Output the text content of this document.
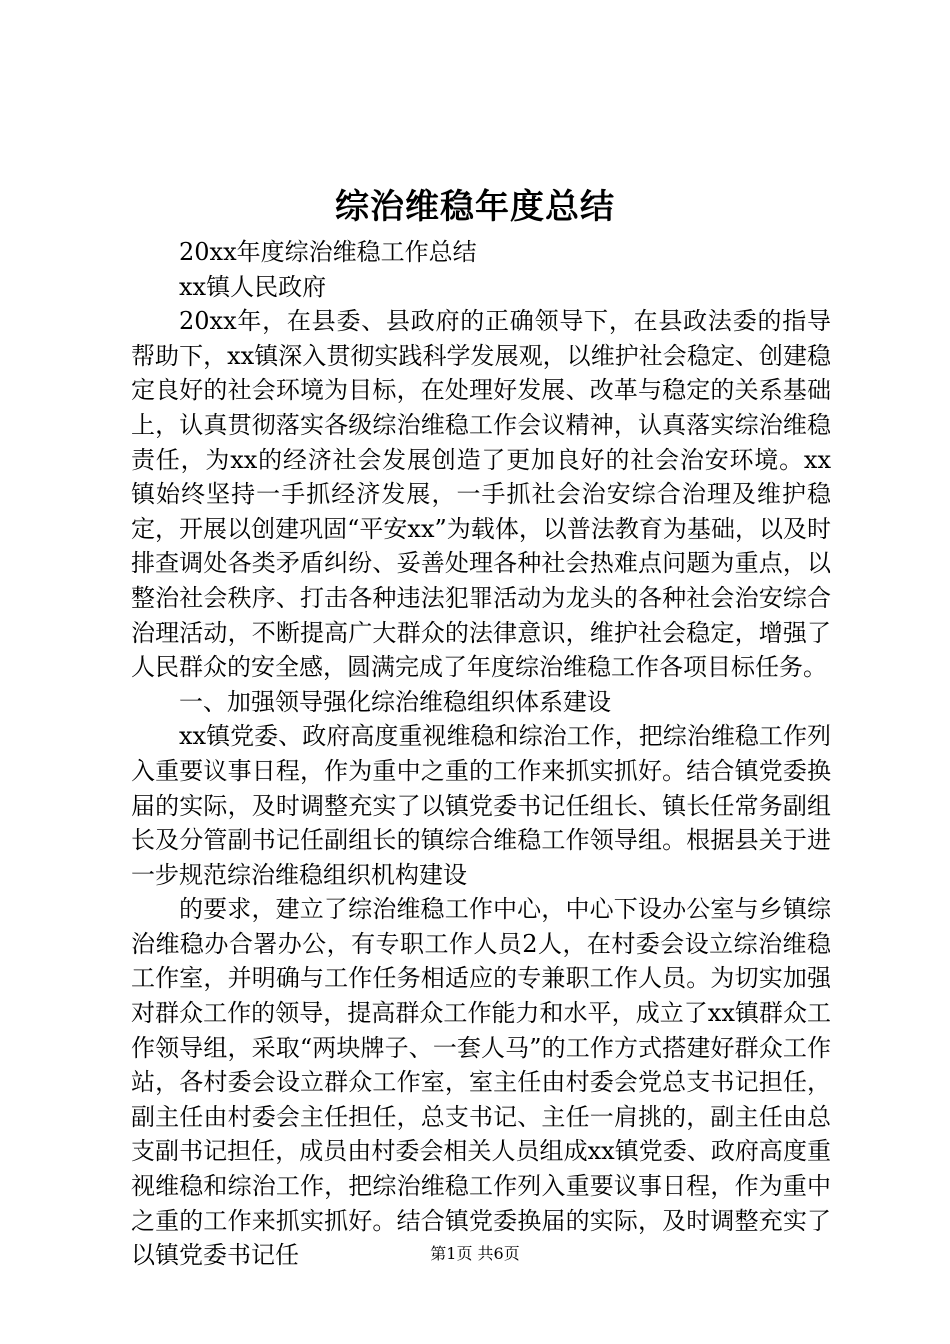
综治维稳年度总结

20xx年度综治维稳工作总结

xx镇人民政府

20xx年，在县委、县政府的正确领导下，在县政法委的指导帮助下，xx镇深入贯彻实践科学发展观，以维护社会稳定、创建稳定良好的社会环境为目标，在处理好发展、改革与稳定的关系基础上，认真贯彻落实各级综治维稳工作会议精神，认真落实综治维稳责任，为xx的经济社会发展创造了更加良好的社会治安环境。xx镇始终坚持一手抓经济发展，一手抓社会治安综合治理及维护稳定，开展以创建巩固“平安xx”为载体，以普法教育为基础，以及时排查调处各类矛盾纠纷、妥善处理各种社会热难点问题为重点，以整治社会秩序、打击各种违法犯罪活动为龙头的各种社会治安综合治理活动，不断提高广大群众的法律意识，维护社会稳定，增强了人民群众的安全感，圆满完成了年度综治维稳工作各项目标任务。

一、加强领导强化综治维稳组织体系建设

xx镇党委、政府高度重视维稳和综治工作，把综治维稳工作列入重要议事日程，作为重中之重的工作来抓实抓好。结合镇党委换届的实际，及时调整充实了以镇党委书记任组长、镇长任常务副组长及分管副书记任副组长的镇综合维稳工作领导组。根据县关于进一步规范综治维稳组织机构建设

的要求，建立了综治维稳工作中心，中心下设办公室与乡镇综治维稳办合署办公，有专职工作人员2人，在村委会设立综治维稳工作室，并明确与工作任务相适应的专兼职工作人员。为切实加强对群众工作的领导，提高群众工作能力和水平，成立了xx镇群众工作领导组，采取“两块牌子、一套人马”的工作方式搭建好群众工作站，各村委会设立群众工作室，室主任由村委会党总支书记担任，副主任由村委会主任担任，总支书记、主任一肩挑的，副主任由总支副书记担任，成员由村委会相关人员组成xx镇党委、政府高度重视维稳和综治工作，把综治维稳工作列入重要议事日程，作为重中之重的工作来抓实抓好。结合镇党委换届的实际，及时调整充实了以镇党委书记任	第1页 共6页
